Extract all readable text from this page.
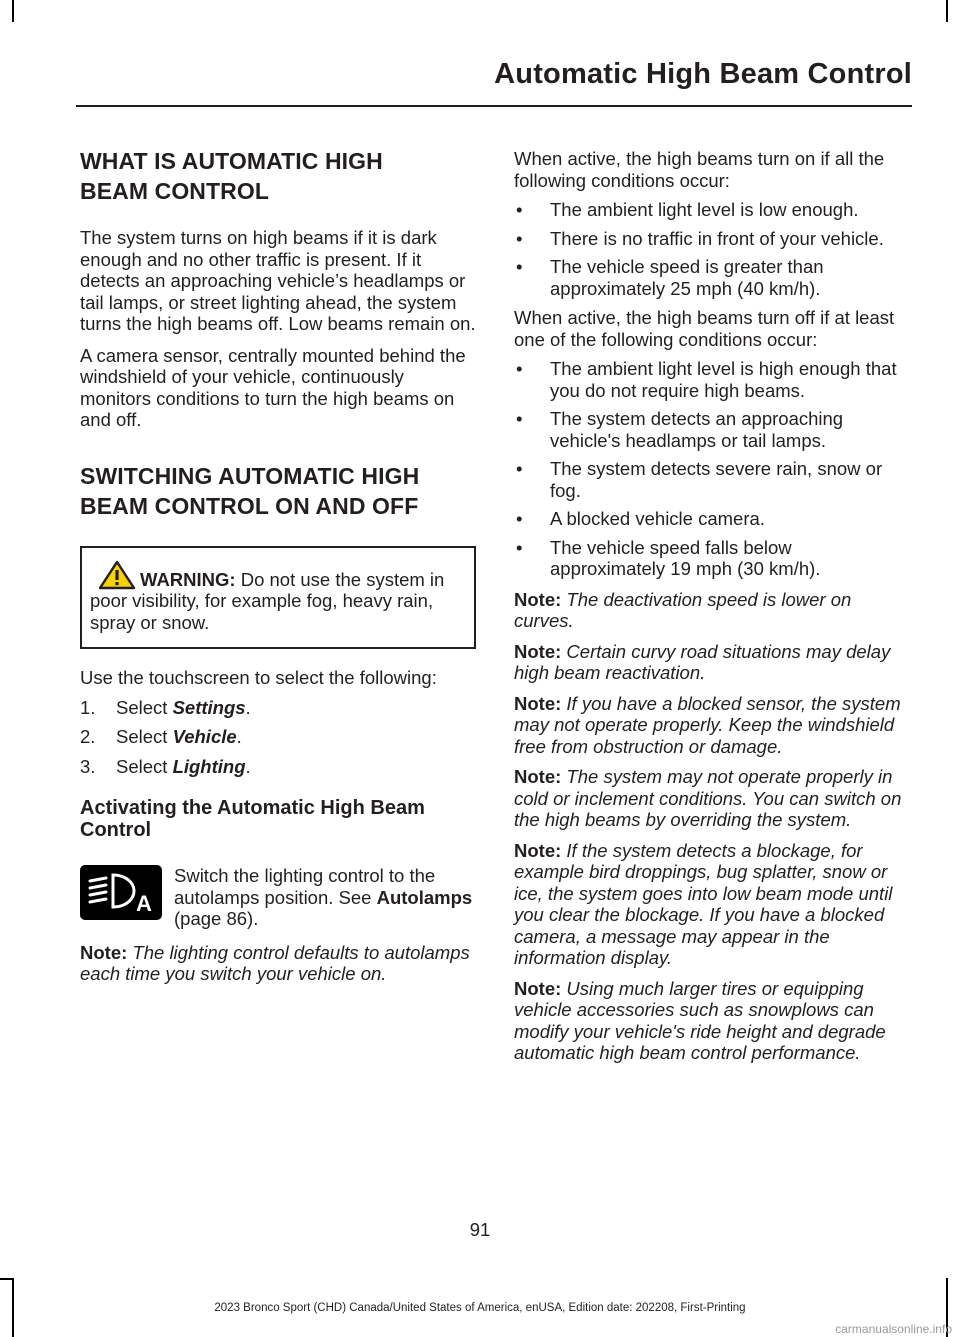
Automatic High Beam Control
WHAT IS AUTOMATIC HIGH
BEAM CONTROL

The system turns on high beams if it is dark enough and no other traffic is present. If it detects an approaching vehicle’s headlamps or tail lamps, or street lighting ahead, the system turns the high beams off. Low beams remain on.

A camera sensor, centrally mounted behind the windshield of your vehicle, continuously monitors conditions to turn the high beams on and off.

SWITCHING AUTOMATIC HIGH
BEAM CONTROL ON AND OFF
WARNING: Do not use the system in poor visibility, for example fog, heavy rain, spray or snow.

Use the touchscreen to select the following:

1. Select Settings.
2. Select Vehicle.
3. Select Lighting.
Activating the Automatic High Beam Control
A

Switch the lighting control to the autolamps position. See Autolamps (page 86).

Note: The lighting control defaults to autolamps each time you switch your vehicle on.

When active, the high beams turn on if all the following conditions occur:

• The ambient light level is low enough.
• There is no traffic in front of your vehicle.
• The vehicle speed is greater than approximately 25 mph (40 km/h).

When active, the high beams turn off if at least one of the following conditions occur:

• The ambient light level is high enough that you do not require high beams.
• The system detects an approaching vehicle's headlamps or tail lamps.
• The system detects severe rain, snow or fog.
• A blocked vehicle camera.
• The vehicle speed falls below approximately 19 mph (30 km/h).

Note: The deactivation speed is lower on curves.

Note: Certain curvy road situations may delay high beam reactivation.

Note: If you have a blocked sensor, the system may not operate properly. Keep the windshield free from obstruction or damage.

Note: The system may not operate properly in cold or inclement conditions. You can switch on the high beams by overriding the system.

Note: If the system detects a blockage, for example bird droppings, bug splatter, snow or ice, the system goes into low beam mode until you clear the blockage. If you have a blocked camera, a message may appear in the information display.

Note: Using much larger tires or equipping vehicle accessories such as snowplows can modify your vehicle's ride height and degrade automatic high beam control performance.

91
2023 Bronco Sport (CHD) Canada/United States of America, enUSA, Edition date: 202208, First-Printing
carmanualsonline.info
